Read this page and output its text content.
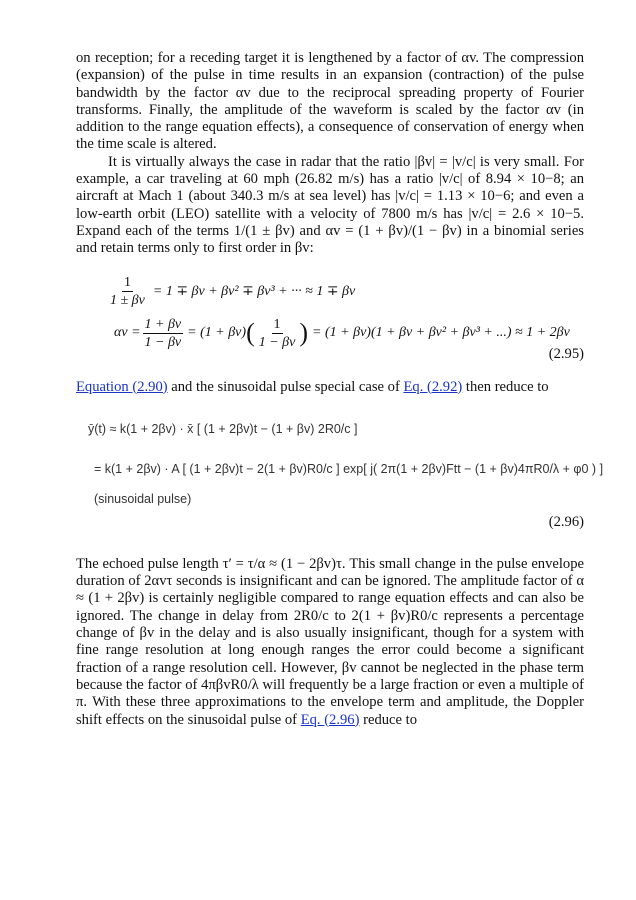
on reception; for a receding target it is lengthened by a factor of αv. The compression (expansion) of the pulse in time results in an expansion (contraction) of the pulse bandwidth by the factor αv due to the reciprocal spreading property of Fourier transforms. Finally, the amplitude of the waveform is scaled by the factor αv (in addition to the range equation effects), a consequence of conservation of energy when the time scale is altered.

It is virtually always the case in radar that the ratio |βv| = |v/c| is very small. For example, a car traveling at 60 mph (26.82 m/s) has a ratio |v/c| of 8.94 × 10−8; an aircraft at Mach 1 (about 340.3 m/s at sea level) has |v/c| = 1.13 × 10−6; and even a low-earth orbit (LEO) satellite with a velocity of 7800 m/s has |v/c| = 2.6 × 10−5. Expand each of the terms 1/(1 ± βv) and αv = (1 + βv)/(1 − βv) in a binomial series and retain terms only to first order in βv:

$\frac{1}{1 \pm \beta v} = 1 \mp \beta v + \beta v^2 \mp \beta v^3$ + ··· ≈ 1 ∓ βv
$\alpha v = \frac{1 + \beta v}{1 - \beta v} = (1 + \beta v)$ ( $\frac{1}{1 - \beta v}$ ) = (1 + βv)(1 + βv + βv² + βv³ + ...) ≈ 1 + 2βv
(2.95)

Equation (2.90) and the sinusoidal pulse special case of Eq. (2.92) then reduce to

ȳ(t) ≈ k(1 + 2βv) · x̄ [ (1 + 2βv)t − (1 + βv) 2R0/c ]
= k(1 + 2βv) · A [ (1 + 2βv)t − 2(1 + βv)R0/c ] exp[ j( 2π(1 + 2βv)Ftt − (1 + βv)4πR0/λ + φ0 ) ]
(sinusoidal pulse)
(2.96)

The echoed pulse length τ′ = τ/α ≈ (1 − 2βv)τ. This small change in the pulse envelope duration of 2αvτ seconds is insignificant and can be ignored. The amplitude factor of α ≈ (1 + 2βv) is certainly negligible compared to range equation effects and can also be ignored. The change in delay from 2R0/c to 2(1 + βv)R0/c represents a percentage change of βv in the delay and is also usually insignificant, though for a system with fine range resolution at long enough ranges the error could become a significant fraction of a range resolution cell. However, βv cannot be neglected in the phase term because the factor of 4πβvR0/λ will frequently be a large fraction or even a multiple of π. With these three approximations to the envelope term and amplitude, the Doppler shift effects on the sinusoidal pulse of Eq. (2.96) reduce to
